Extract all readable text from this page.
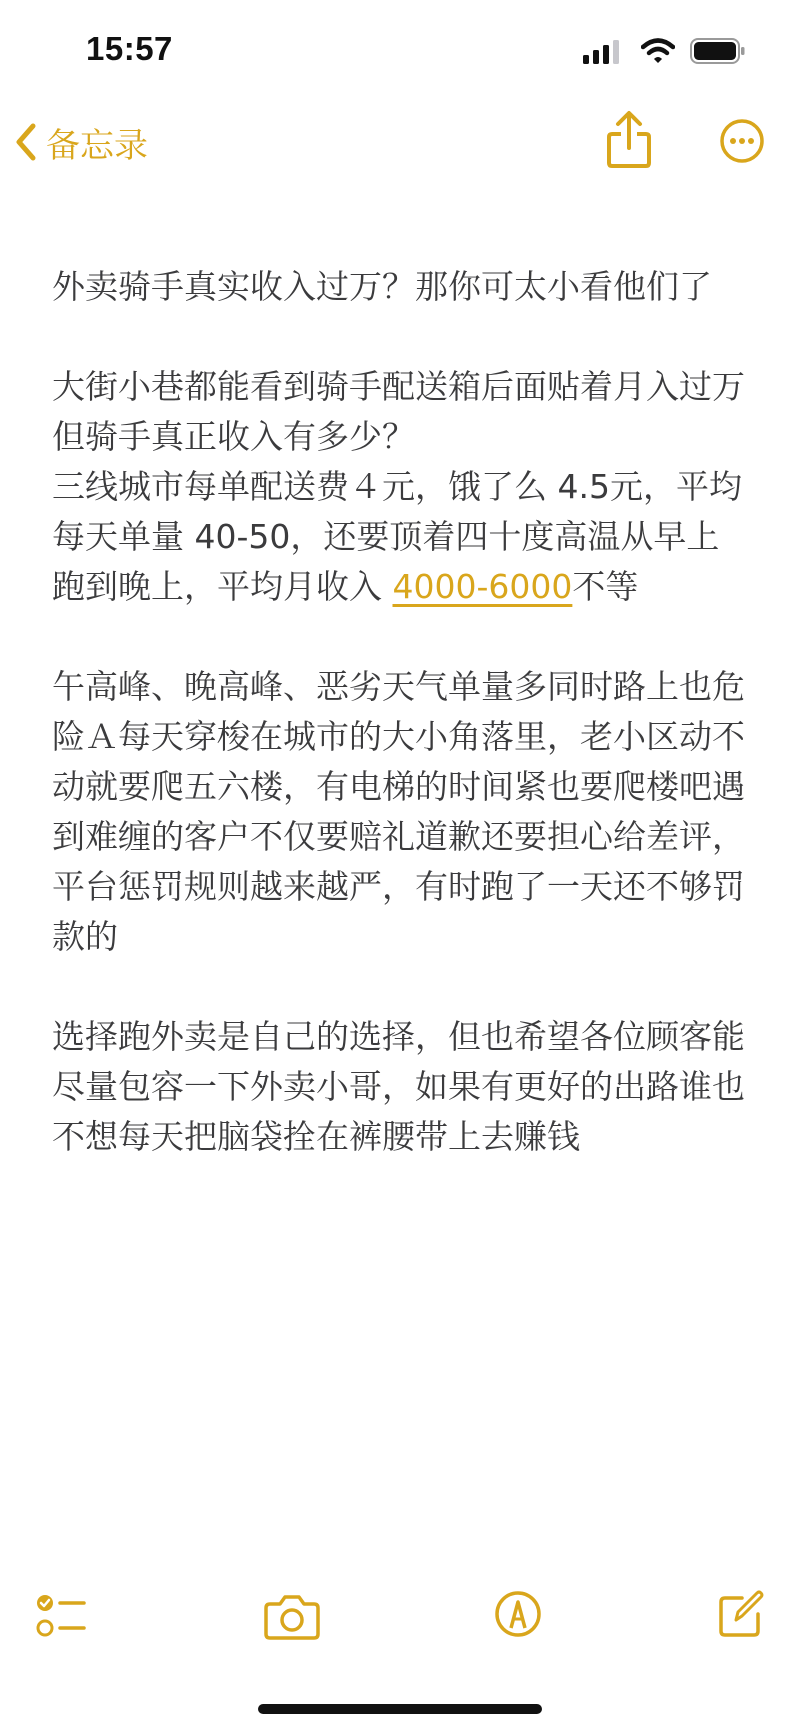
15:57
备忘录

外卖骑手真实收入过万？那你可太小看他们了

大街小巷都能看到骑手配送箱后面贴着月入过万但骑手真正收入有多少？

三线城市每单配送费４元，饿了么 4.5元，平均每天单量 40-50，还要顶着四十度高温从早上跑到晚上，平均月收入 4000-6000不等

午高峰、晚高峰、恶劣天气单量多同时路上也危险Ａ每天穿梭在城市的大小角落里，老小区动不动就要爬五六楼，有电梯的时间紧也要爬楼吧遇到难缠的客户不仅要赔礼道歉还要担心给差评，平台惩罚规则越来越严，有时跑了一天还不够罚款的

选择跑外卖是自己的选择，但也希望各位顾客能尽量包容一下外卖小哥，如果有更好的出路谁也不想每天把脑袋拴在裤腰带上去赚钱
